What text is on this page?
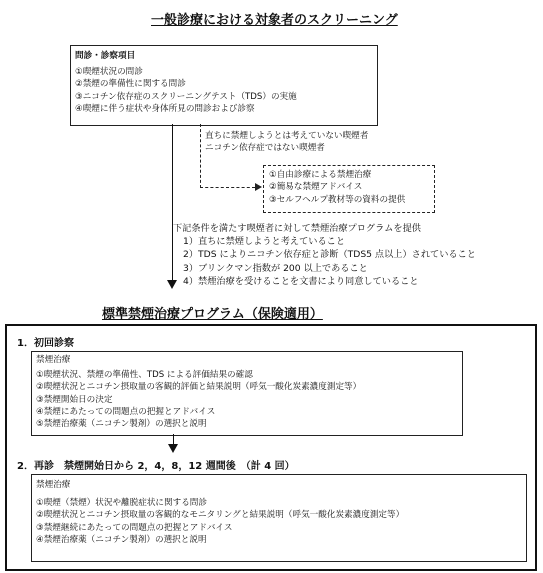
一般診療における対象者のスクリーニング
問診・診察項目
①喫煙状況の問診
②禁煙の準備性に関する問診
③ニコチン依存症のスクリーニングテスト（TDS）の実施
④喫煙に伴う症状や身体所見の問診および診察
直ちに禁煙しようとは考えていない喫煙者
ニコチン依存症ではない喫煙者
①自由診療による禁煙治療
②簡易な禁煙アドバイス
③セルフヘルプ教材等の資料の提供
下記条件を満たす喫煙者に対して禁煙治療プログラムを提供
1）直ちに禁煙しようと考えていること
2）TDS によりニコチン依存症と診断（TDS5 点以上）されていること
3）ブリンクマン指数が 200 以上であること
4）禁煙治療を受けることを文書により同意していること
標準禁煙治療プログラム（保険適用）
1．初回診察
禁煙治療
①喫煙状況、禁煙の準備性、TDS による評価結果の確認
②喫煙状況とニコチン摂取量の客観的評価と結果説明（呼気一酸化炭素濃度測定等）
③禁煙開始日の決定
④禁煙にあたっての問題点の把握とアドバイス
⑤禁煙治療薬（ニコチン製剤）の選択と説明
2．再診　禁煙開始日から 2，4，8，12 週間後　（計 4 回）
禁煙治療
①喫煙（禁煙）状況や離脱症状に関する問診
②喫煙状況とニコチン摂取量の客観的なモニタリングと結果説明（呼気一酸化炭素濃度測定等）
③禁煙継続にあたっての問題点の把握とアドバイス
④禁煙治療薬（ニコチン製剤）の選択と説明
